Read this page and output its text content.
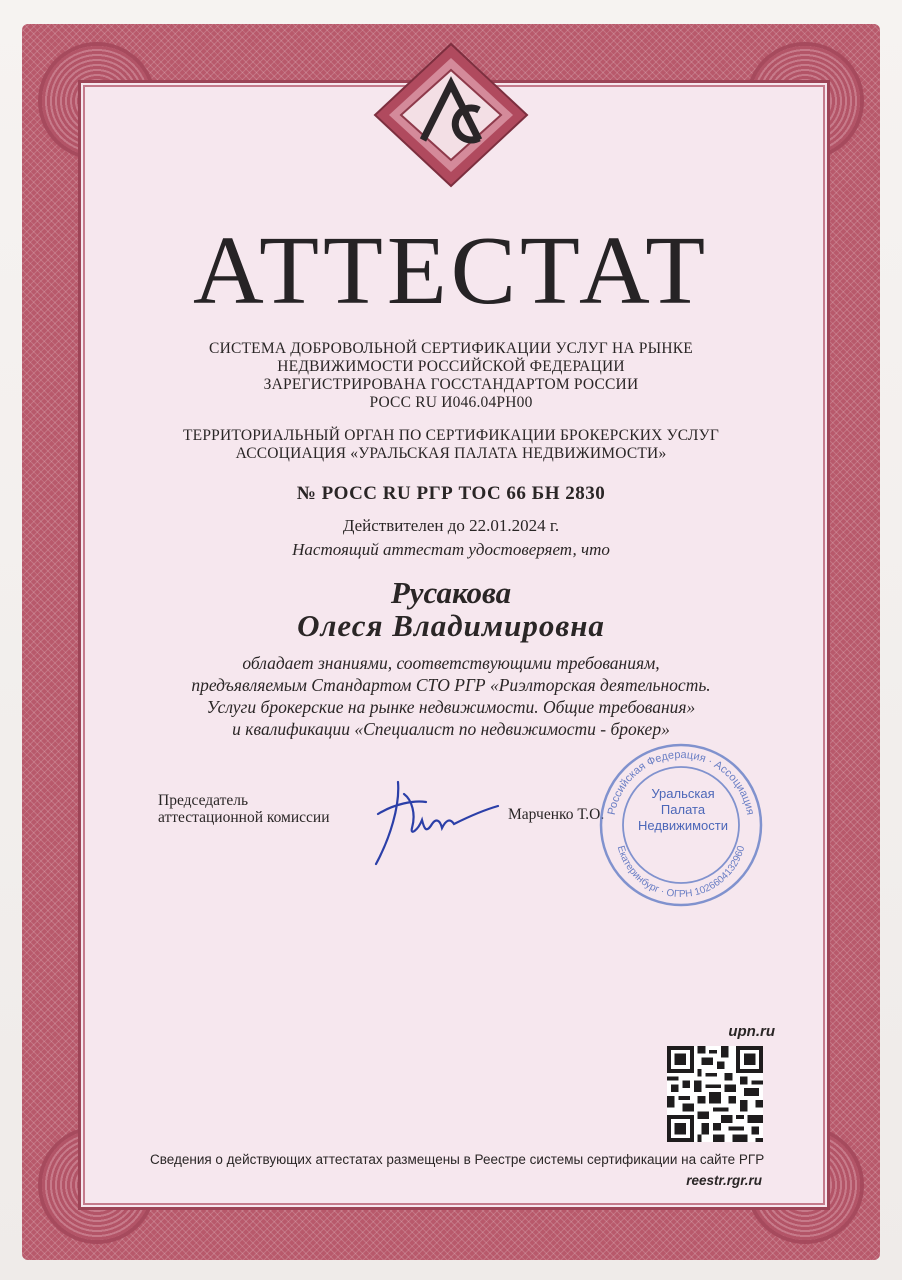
АТТЕСТАТ
СИСТЕМА ДОБРОВОЛЬНОЙ СЕРТИФИКАЦИИ УСЛУГ НА РЫНКЕ
НЕДВИЖИМОСТИ РОССИЙСКОЙ ФЕДЕРАЦИИ
ЗАРЕГИСТРИРОВАНА ГОССТАНДАРТОМ РОССИИ
РОСС RU И046.04РН00
ТЕРРИТОРИАЛЬНЫЙ ОРГАН ПО СЕРТИФИКАЦИИ БРОКЕРСКИХ УСЛУГ
АССОЦИАЦИЯ «УРАЛЬСКАЯ ПАЛАТА НЕДВИЖИМОСТИ»
№ РОСС RU РГР ТОС 66 БН 2830
Действителен до 22.01.2024 г.
Настоящий аттестат удостоверяет, что
Русакова
Олеся Владимировна
обладает знаниями, соответствующими требованиям,
предъявляемым Стандартом СТО РГР «Риэлторская деятельность.
Услуги брокерские на рынке недвижимости. Общие требования»
и квалификации «Специалист по недвижимости - брокер»
Председатель
аттестационной комиссии	Марченко Т.О. Российская Федерация · Ассоциация
Екатеринбург · ОГРН 1026604132960
Уральская
Палата
Недвижимости
upn.ru
Сведения о действующих аттестатах размещены в Реестре системы сертификации на сайте РГР
reestr.rgr.ru
